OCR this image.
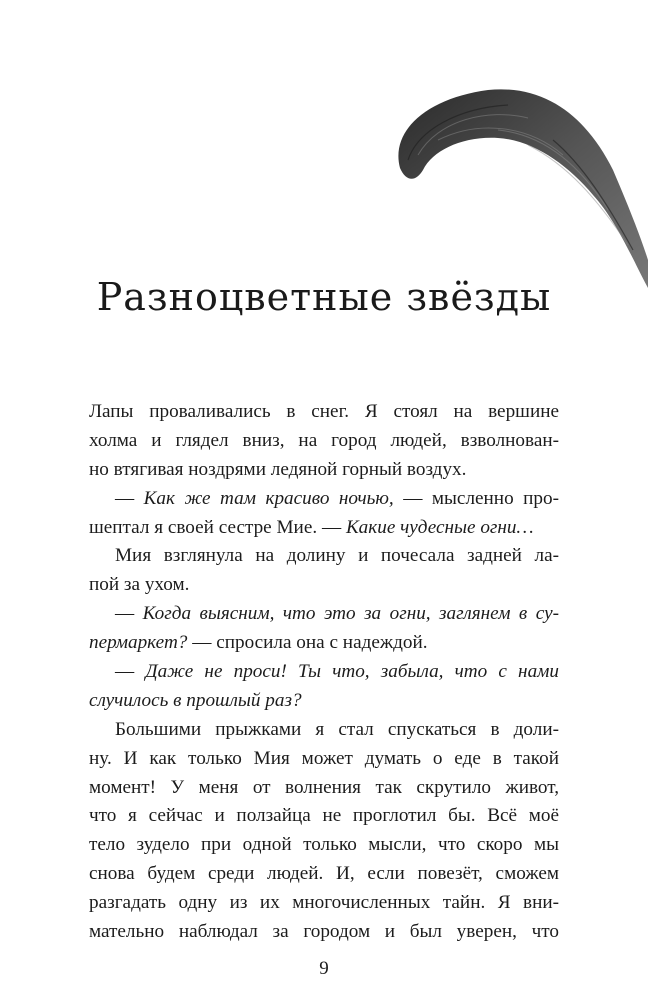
Разноцветные звёзды
Лапы проваливались в снег. Я стоял на вершине
холма и глядел вниз, на город людей, взволнован-
но втягивая ноздрями ледяной горный воздух.
— Как же там красиво ночью, — мысленно про-
шептал я своей сестре Мие. — Какие чудесные огни…
Мия взглянула на долину и почесала задней ла-
пой за ухом.
— Когда выясним, что это за огни, заглянем в су-
пермаркет? — спросила она с надеждой.
— Даже не проси! Ты что, забыла, что с нами
случилось в прошлый раз?
Большими прыжками я стал спускаться в доли-
ну. И как только Мия может думать о еде в такой
момент! У меня от волнения так скрутило живот,
что я сейчас и ползайца не проглотил бы. Всё моё
тело зудело при одной только мысли, что скоро мы
снова будем среди людей. И, если повезёт, сможем
разгадать одну из их многочисленных тайн. Я вни-
мательно наблюдал за городом и был уверен, что
9
